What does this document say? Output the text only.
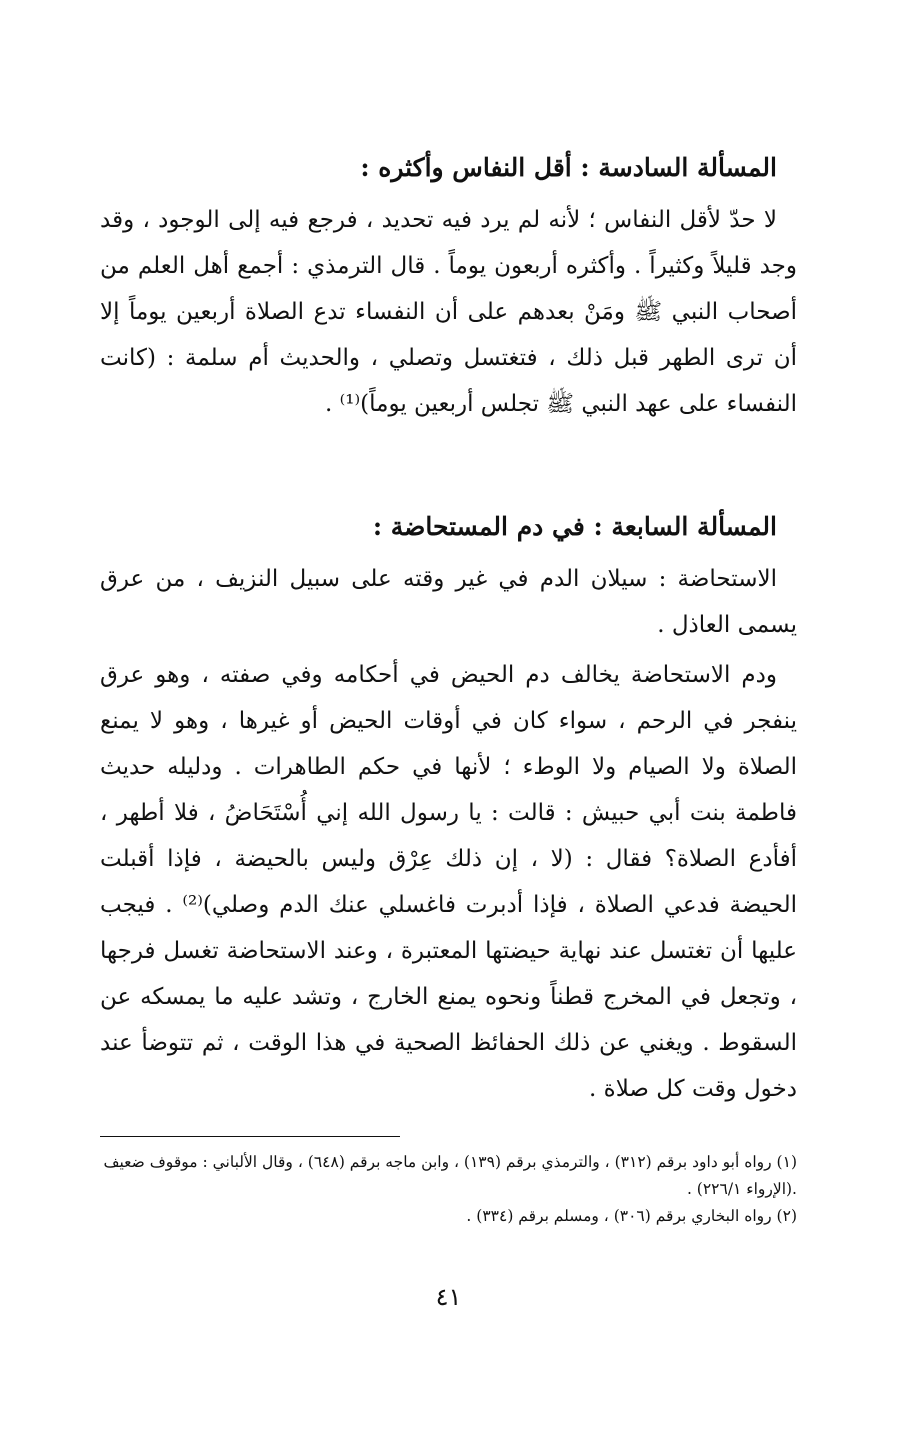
المسألة السادسة : أقل النفاس وأكثره :

لا حدّ لأقل النفاس ؛ لأنه لم يرد فيه تحديد ، فرجع فيه إلى الوجود ، وقد وجد قليلاً وكثيراً . وأكثره أربعون يوماً . قال الترمذي : أجمع أهل العلم من أصحاب النبي ﷺ ومَنْ بعدهم على أن النفساء تدع الصلاة أربعين يوماً إلا أن ترى الطهر قبل ذلك ، فتغتسل وتصلي ، والحديث أم سلمة : (كانت النفساء على عهد النبي ﷺ تجلس أربعين يوماً)⁽¹⁾ .

المسألة السابعة : في دم المستحاضة :

الاستحاضة : سيلان الدم في غير وقته على سبيل النزيف ، من عرق يسمى العاذل .

ودم الاستحاضة يخالف دم الحيض في أحكامه وفي صفته ، وهو عرق ينفجر في الرحم ، سواء كان في أوقات الحيض أو غيرها ، وهو لا يمنع الصلاة ولا الصيام ولا الوطء ؛ لأنها في حكم الطاهرات . ودليله حديث فاطمة بنت أبي حبيش : قالت : يا رسول الله إني أُسْتَحَاضُ ، فلا أطهر ، أفأدع الصلاة؟ فقال : (لا ، إن ذلك عِرْق وليس بالحيضة ، فإذا أقبلت الحيضة فدعي الصلاة ، فإذا أدبرت فاغسلي عنك الدم وصلي)⁽²⁾ . فيجب عليها أن تغتسل عند نهاية حيضتها المعتبرة ، وعند الاستحاضة تغسل فرجها ، وتجعل في المخرج قطناً ونحوه يمنع الخارج ، وتشد عليه ما يمسكه عن السقوط . ويغني عن ذلك الحفائظ الصحية في هذا الوقت ، ثم تتوضأ عند دخول وقت كل صلاة .

(١) رواه أبو داود برقم (٣١٢) ، والترمذي برقم (١٣٩) ، وابن ماجه برقم (٦٤٨) ، وقال الألباني : موقوف ضعيف .(الإرواء ٢٢٦/١) .

(٢) رواه البخاري برقم (٣٠٦) ، ومسلم برقم (٣٣٤) .

٤١
